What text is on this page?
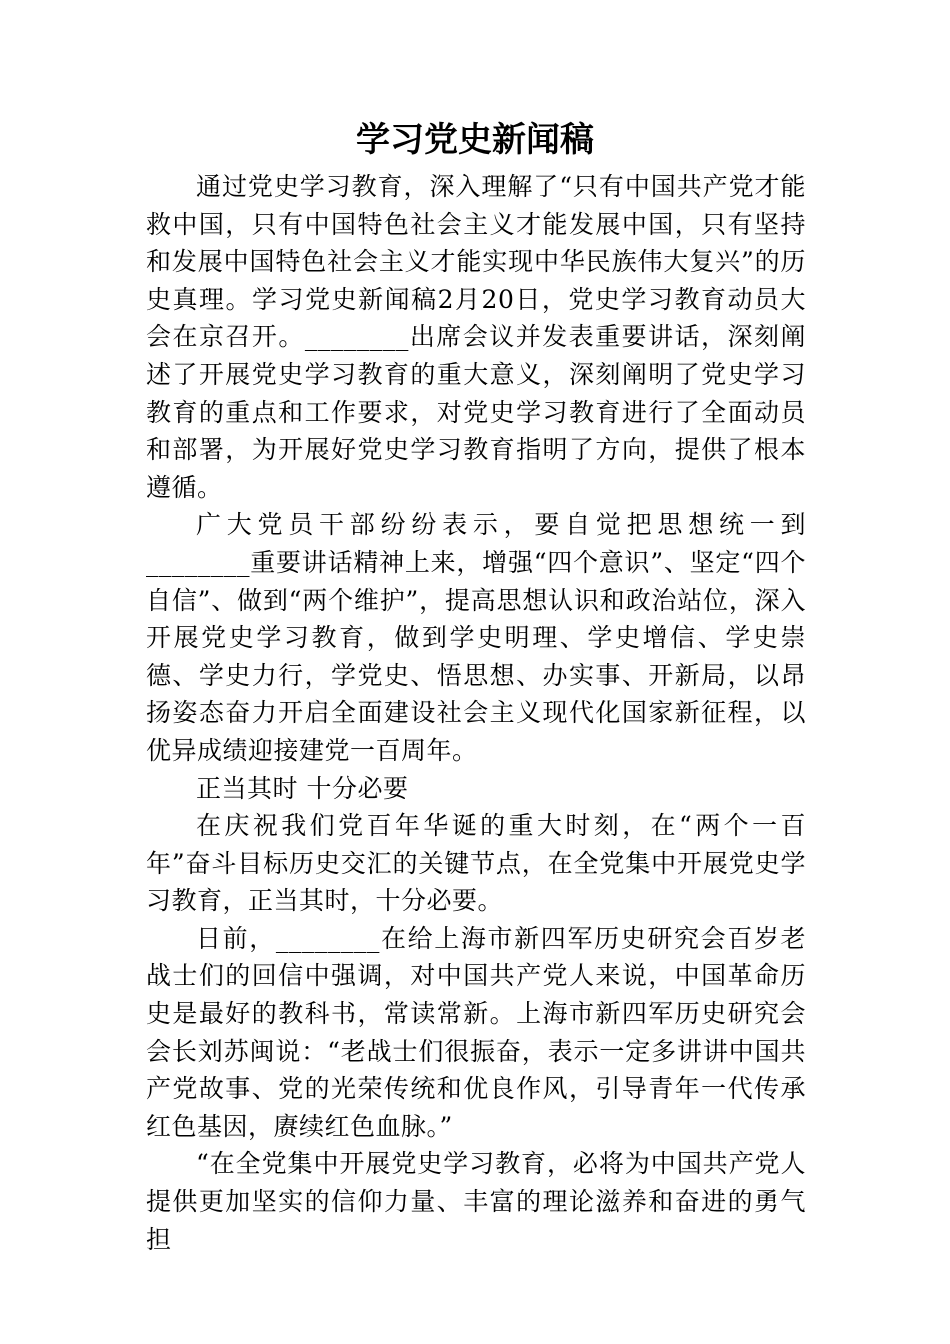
学习党史新闻稿

通过党史学习教育，深入理解了“只有中国共产党才能救中国，只有中国特色社会主义才能发展中国，只有坚持和发展中国特色社会主义才能实现中华民族伟大复兴”的历史真理。学习党史新闻稿2月20日，党史学习教育动员大会在京召开。________出席会议并发表重要讲话，深刻阐述了开展党史学习教育的重大意义，深刻阐明了党史学习教育的重点和工作要求，对党史学习教育进行了全面动员和部署，为开展好党史学习教育指明了方向，提供了根本遵循。

广大党员干部纷纷表示，要自觉把思想统一到________重要讲话精神上来，增强“四个意识”、坚定“四个自信”、做到“两个维护”，提高思想认识和政治站位，深入开展党史学习教育，做到学史明理、学史增信、学史崇德、学史力行，学党史、悟思想、办实事、开新局，以昂扬姿态奋力开启全面建设社会主义现代化国家新征程，以优异成绩迎接建党一百周年。

正当其时 十分必要

在庆祝我们党百年华诞的重大时刻，在“两个一百年”奋斗目标历史交汇的关键节点，在全党集中开展党史学习教育，正当其时，十分必要。

日前，________在给上海市新四军历史研究会百岁老战士们的回信中强调，对中国共产党人来说，中国革命历史是最好的教科书，常读常新。上海市新四军历史研究会会长刘苏闽说：“老战士们很振奋，表示一定多讲讲中国共产党故事、党的光荣传统和优良作风，引导青年一代传承红色基因，赓续红色血脉。”

“在全党集中开展党史学习教育，必将为中国共产党人提供更加坚实的信仰力量、丰富的理论滋养和奋进的勇气担
